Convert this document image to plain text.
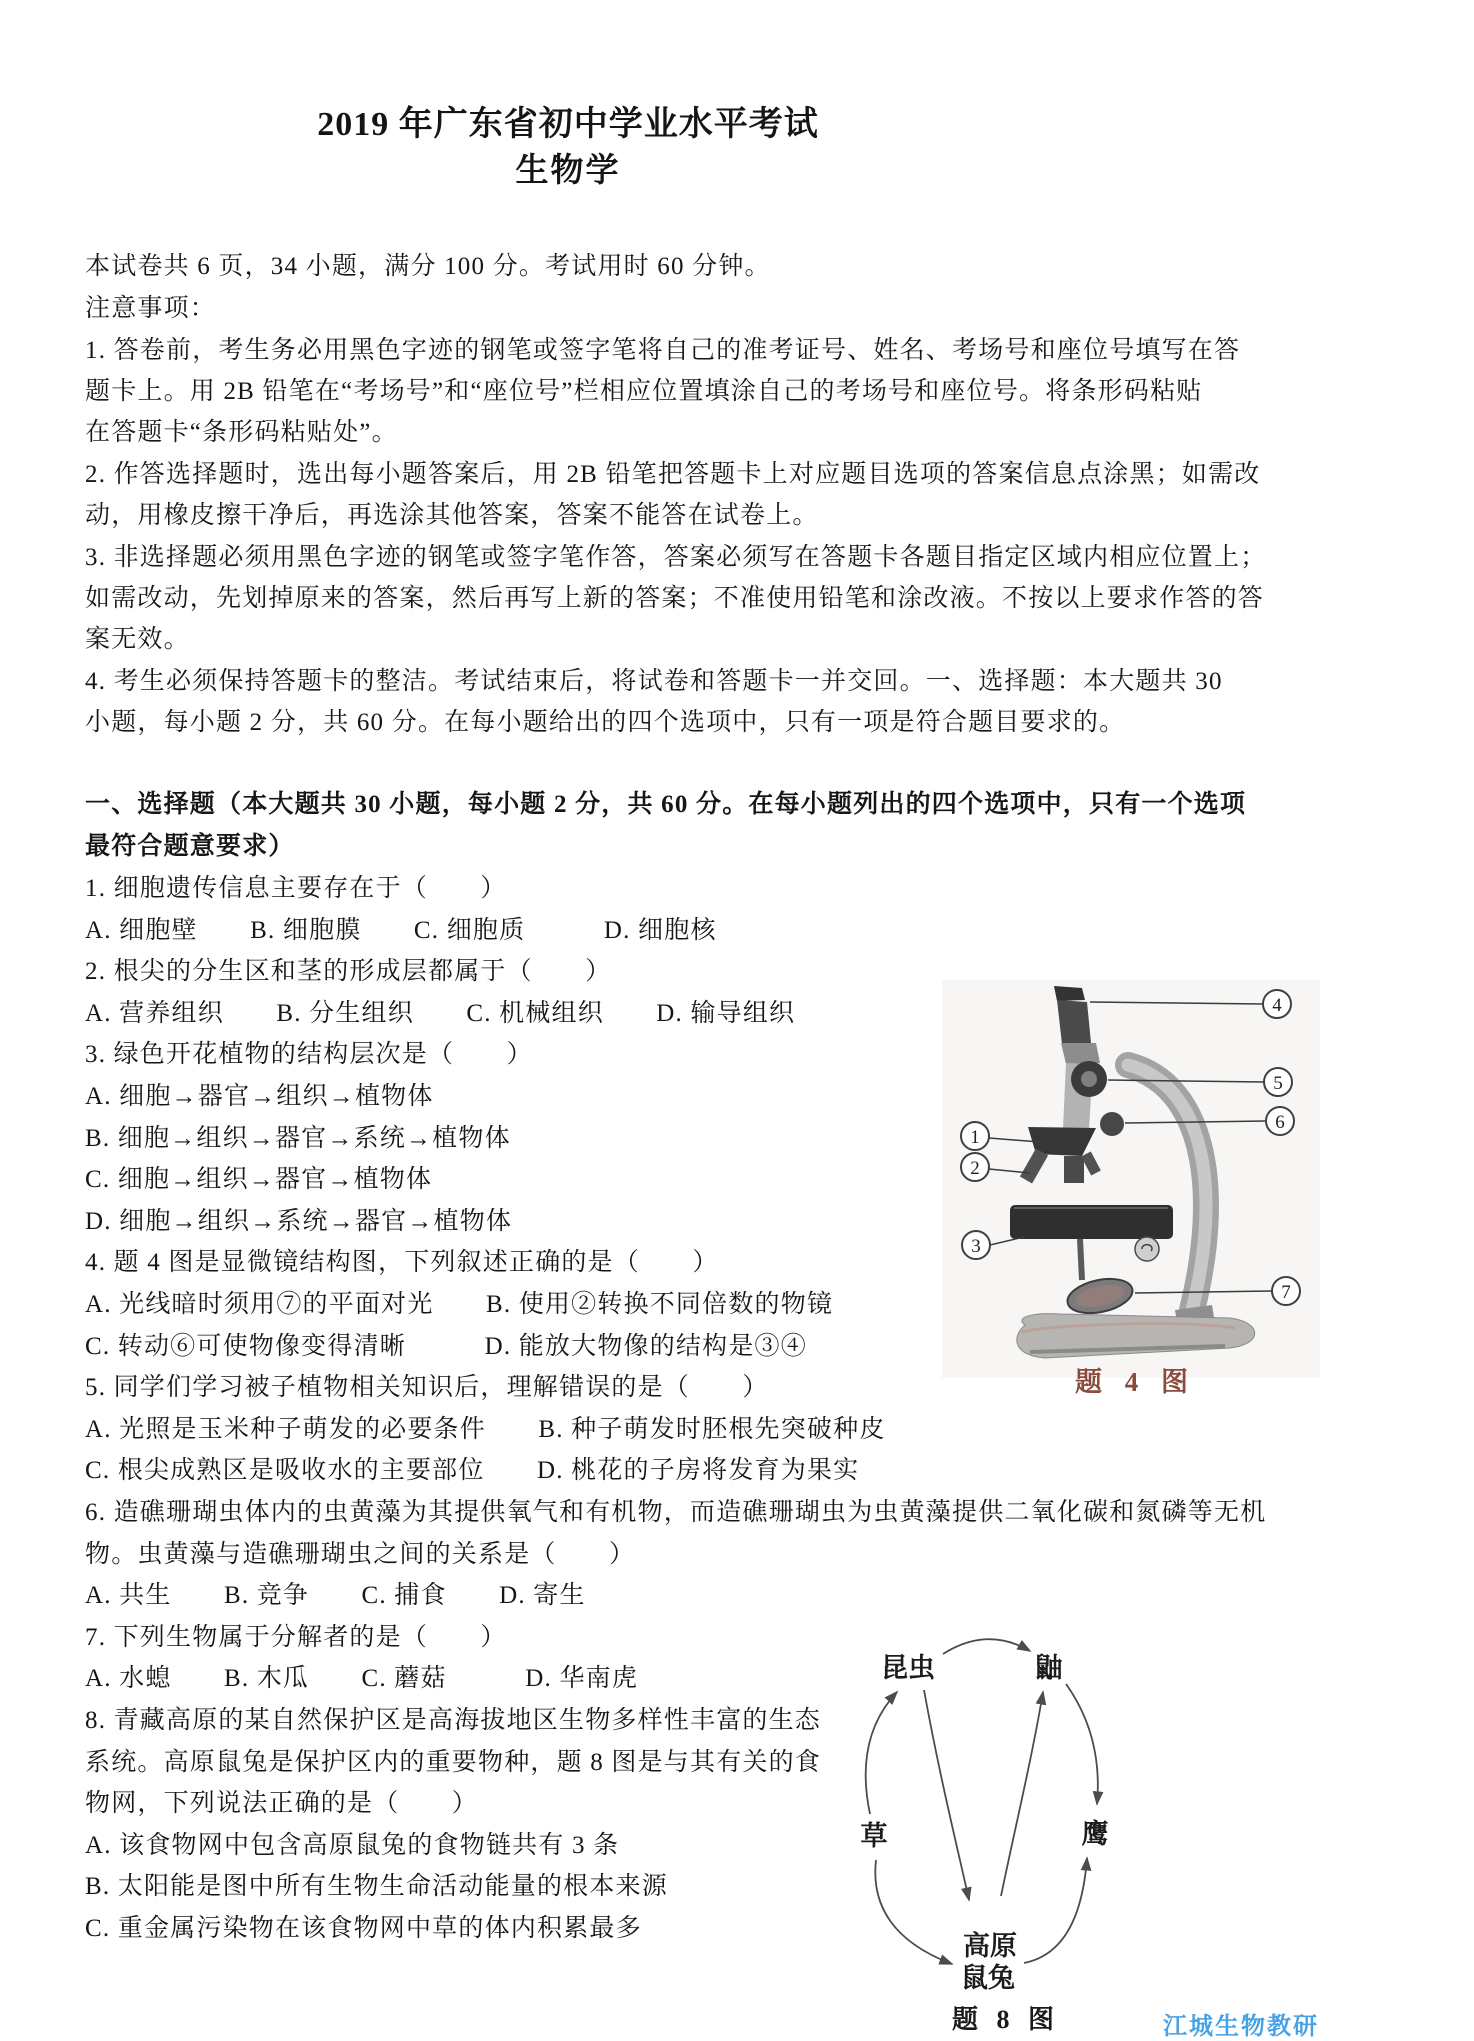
2019 年广东省初中学业水平考试
生物学
本试卷共 6 页，34 小题，满分 100 分。考试用时 60 分钟。
注意事项：
1. 答卷前，考生务必用黑色字迹的钢笔或签字笔将自己的准考证号、姓名、考场号和座位号填写在答
题卡上。用 2B 铅笔在“考场号”和“座位号”栏相应位置填涂自己的考场号和座位号。将条形码粘贴
在答题卡“条形码粘贴处”。
2. 作答选择题时，选出每小题答案后，用 2B 铅笔把答题卡上对应题目选项的答案信息点涂黑；如需改
动，用橡皮擦干净后，再选涂其他答案，答案不能答在试卷上。
3. 非选择题必须用黑色字迹的钢笔或签字笔作答，答案必须写在答题卡各题目指定区域内相应位置上；
如需改动，先划掉原来的答案，然后再写上新的答案；不准使用铅笔和涂改液。不按以上要求作答的答
案无效。
4. 考生必须保持答题卡的整洁。考试结束后，将试卷和答题卡一并交回。一、选择题：本大题共 30
小题，每小题 2 分，共 60 分。在每小题给出的四个选项中，只有一项是符合题目要求的。
一、选择题（本大题共 30 小题，每小题 2 分，共 60 分。在每小题列出的四个选项中，只有一个选项
最符合题意要求）
1. 细胞遗传信息主要存在于（　　）
A. 细胞壁　　B. 细胞膜　　C. 细胞质　　　D. 细胞核
2. 根尖的分生区和茎的形成层都属于（　　）
A. 营养组织　　B. 分生组织　　C. 机械组织　　D. 输导组织
3. 绿色开花植物的结构层次是（　　）
A. 细胞→器官→组织→植物体
B. 细胞→组织→器官→系统→植物体
C. 细胞→组织→器官→植物体
D. 细胞→组织→系统→器官→植物体
4. 题 4 图是显微镜结构图，下列叙述正确的是（　　）
A. 光线暗时须用⑦的平面对光　　B. 使用②转换不同倍数的物镜
C. 转动⑥可使物像变得清晰　　　D. 能放大物像的结构是③④
5. 同学们学习被子植物相关知识后，理解错误的是（　　）
A. 光照是玉米种子萌发的必要条件　　B. 种子萌发时胚根先突破种皮
C. 根尖成熟区是吸收水的主要部位　　D. 桃花的子房将发育为果实
6. 造礁珊瑚虫体内的虫黄藻为其提供氧气和有机物，而造礁珊瑚虫为虫黄藻提供二氧化碳和氮磷等无机
物。虫黄藻与造礁珊瑚虫之间的关系是（　　）
A. 共生　　B. 竞争　　C. 捕食　　D. 寄生
7. 下列生物属于分解者的是（　　）
A. 水螅　　B. 木瓜　　C. 蘑菇　　　D. 华南虎
8. 青藏高原的某自然保护区是高海拔地区生物多样性丰富的生态
系统。高原鼠兔是保护区内的重要物种，题 8 图是与其有关的食
物网，下列说法正确的是（　　）
A. 该食物网中包含高原鼠兔的食物链共有 3 条
B. 太阳能是图中所有生物生命活动能量的根本来源
C. 重金属污染物在该食物网中草的体内积累最多
1
2
3
4
5
6
7
题 4 图
昆虫	鼬
草	鹰
高原
鼠兔
题 8 图	江城生物教研
